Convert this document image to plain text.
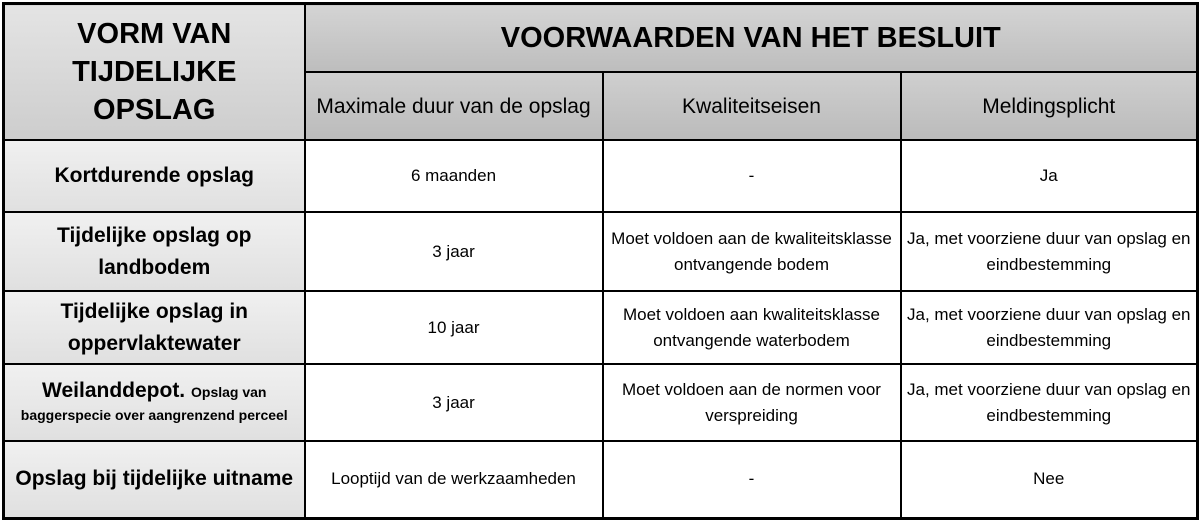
VORM VAN TIJDELIJKE OPSLAG	VOORWAARDEN VAN HET BESLUIT		
	Maximale duur van de opslag	Kwaliteitseisen	Meldingsplicht
Kortdurende opslag	6 maanden	-	Ja
Tijdelijke opslag op landbodem	3 jaar	Moet voldoen aan de kwaliteitsklasse ontvangende bodem	Ja, met voorziene duur van opslag en eindbestemming
Tijdelijke opslag in oppervlaktewater	10 jaar	Moet voldoen aan kwaliteitsklasse ontvangende waterbodem	Ja, met voorziene duur van opslag en eindbestemming
Weilanddepot. Opslag van baggerspecie over aangrenzend perceel	3 jaar	Moet voldoen aan de normen voor verspreiding	Ja, met voorziene duur van opslag en eindbestemming
Opslag bij tijdelijke uitname	Looptijd van de werkzaamheden	-	Nee
